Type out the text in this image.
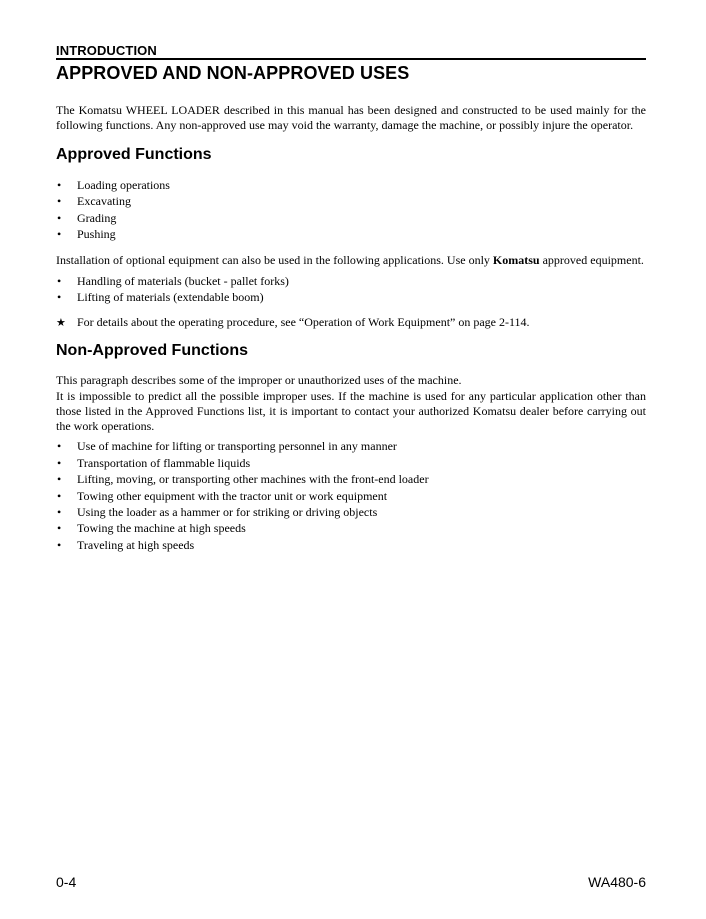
INTRODUCTION
APPROVED AND NON-APPROVED USES

The Komatsu WHEEL LOADER described in this manual has been designed and constructed to be used mainly for the following functions. Any non-approved use may void the warranty, damage the machine, or possibly injure the operator.

Approved Functions
• Loading operations
• Excavating
• Grading
• Pushing

Installation of optional equipment can also be used in the following applications. Use only Komatsu approved equipment.

• Handling of materials (bucket - pallet forks)
• Lifting of materials (extendable boom)
★ For details about the operating procedure, see “Operation of Work Equipment” on page 2-114.
Non-Approved Functions

This paragraph describes some of the improper or unauthorized uses of the machine.

It is impossible to predict all the possible improper uses. If the machine is used for any particular application other than those listed in the Approved Functions list, it is important to contact your authorized Komatsu dealer before carrying out the work operations.

• Use of machine for lifting or transporting personnel in any manner
• Transportation of flammable liquids
• Lifting, moving, or transporting other machines with the front-end loader
• Towing other equipment with the tractor unit or work equipment
• Using the loader as a hammer or for striking or driving objects
• Towing the machine at high speeds
• Traveling at high speeds
0-4	WA480-6
